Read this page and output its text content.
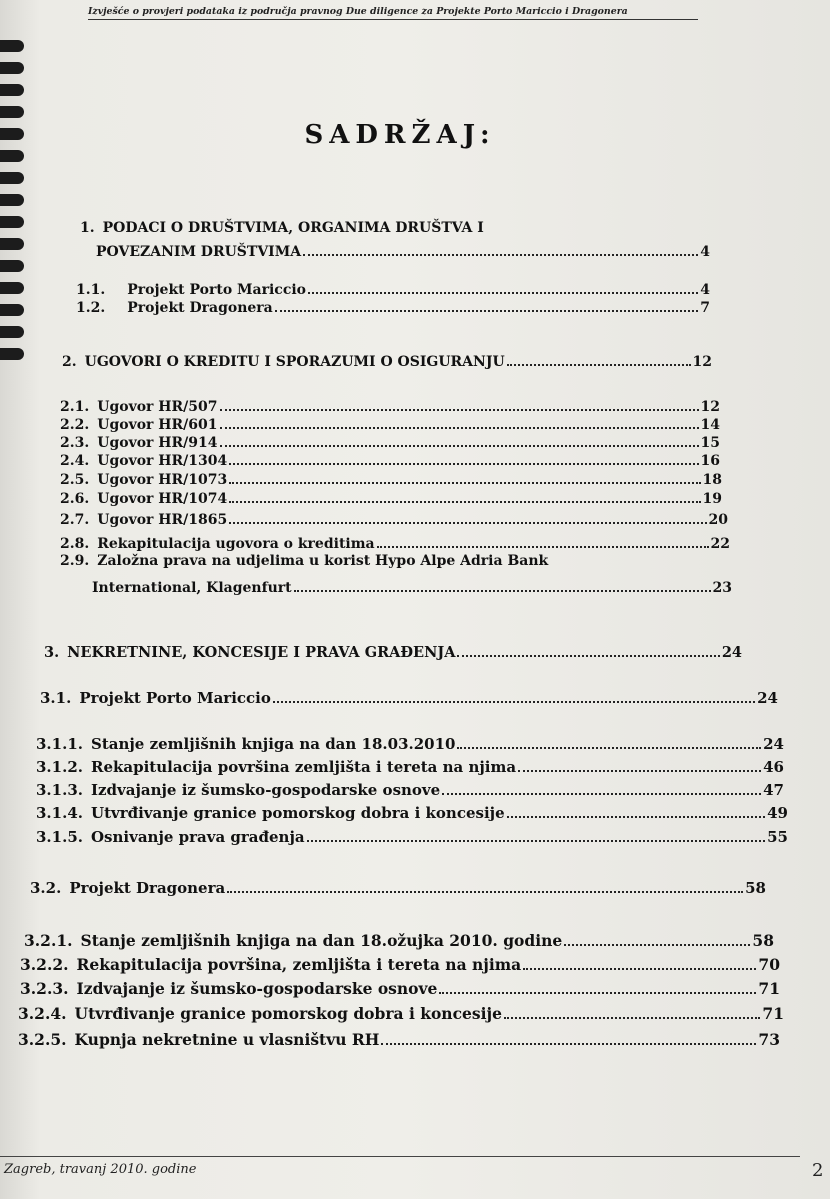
Izvješće o provjeri podataka iz područja pravnog Due diligence za Projekte Porto Mariccio i Dragonera
SADRŽAJ:
1. PODACI O DRUŠTVIMA, ORGANIMA DRUŠTVA I
POVEZANIM DRUŠTVIMA	4
1.1. Projekt Porto Mariccio	4
1.2. Projekt Dragonera	7
2. UGOVORI O KREDITU I SPORAZUMI O OSIGURANJU	12
2.1. Ugovor HR/507	12
2.2. Ugovor HR/601	14
2.3. Ugovor HR/914	15
2.4. Ugovor HR/1304	16
2.5. Ugovor HR/1073	18
2.6. Ugovor HR/1074	19
2.7. Ugovor HR/1865	20
2.8. Rekapitulacija ugovora o kreditima	22
2.9. Založna prava na udjelima u korist Hypo Alpe Adria Bank
International, Klagenfurt	23
3. NEKRETNINE, KONCESIJE I PRAVA GRAĐENJA	24
3.1. Projekt Porto Mariccio	24
3.1.1. Stanje zemljišnih knjiga na dan 18.03.2010	24
3.1.2. Rekapitulacija površina zemljišta i tereta na njima	46
3.1.3. Izdvajanje iz šumsko-gospodarske osnove	47
3.1.4. Utvrđivanje granice pomorskog dobra i koncesije	49
3.1.5. Osnivanje prava građenja	55
3.2. Projekt Dragonera	58
3.2.1. Stanje zemljišnih knjiga na dan 18.ožujka 2010. godine	58
3.2.2. Rekapitulacija površina, zemljišta i tereta na njima	70
3.2.3. Izdvajanje iz šumsko-gospodarske osnove	71
3.2.4. Utvrđivanje granice pomorskog dobra i koncesije	71
3.2.5. Kupnja nekretnine u vlasništvu RH	73
Zagreb, travanj 2010. godine	2
